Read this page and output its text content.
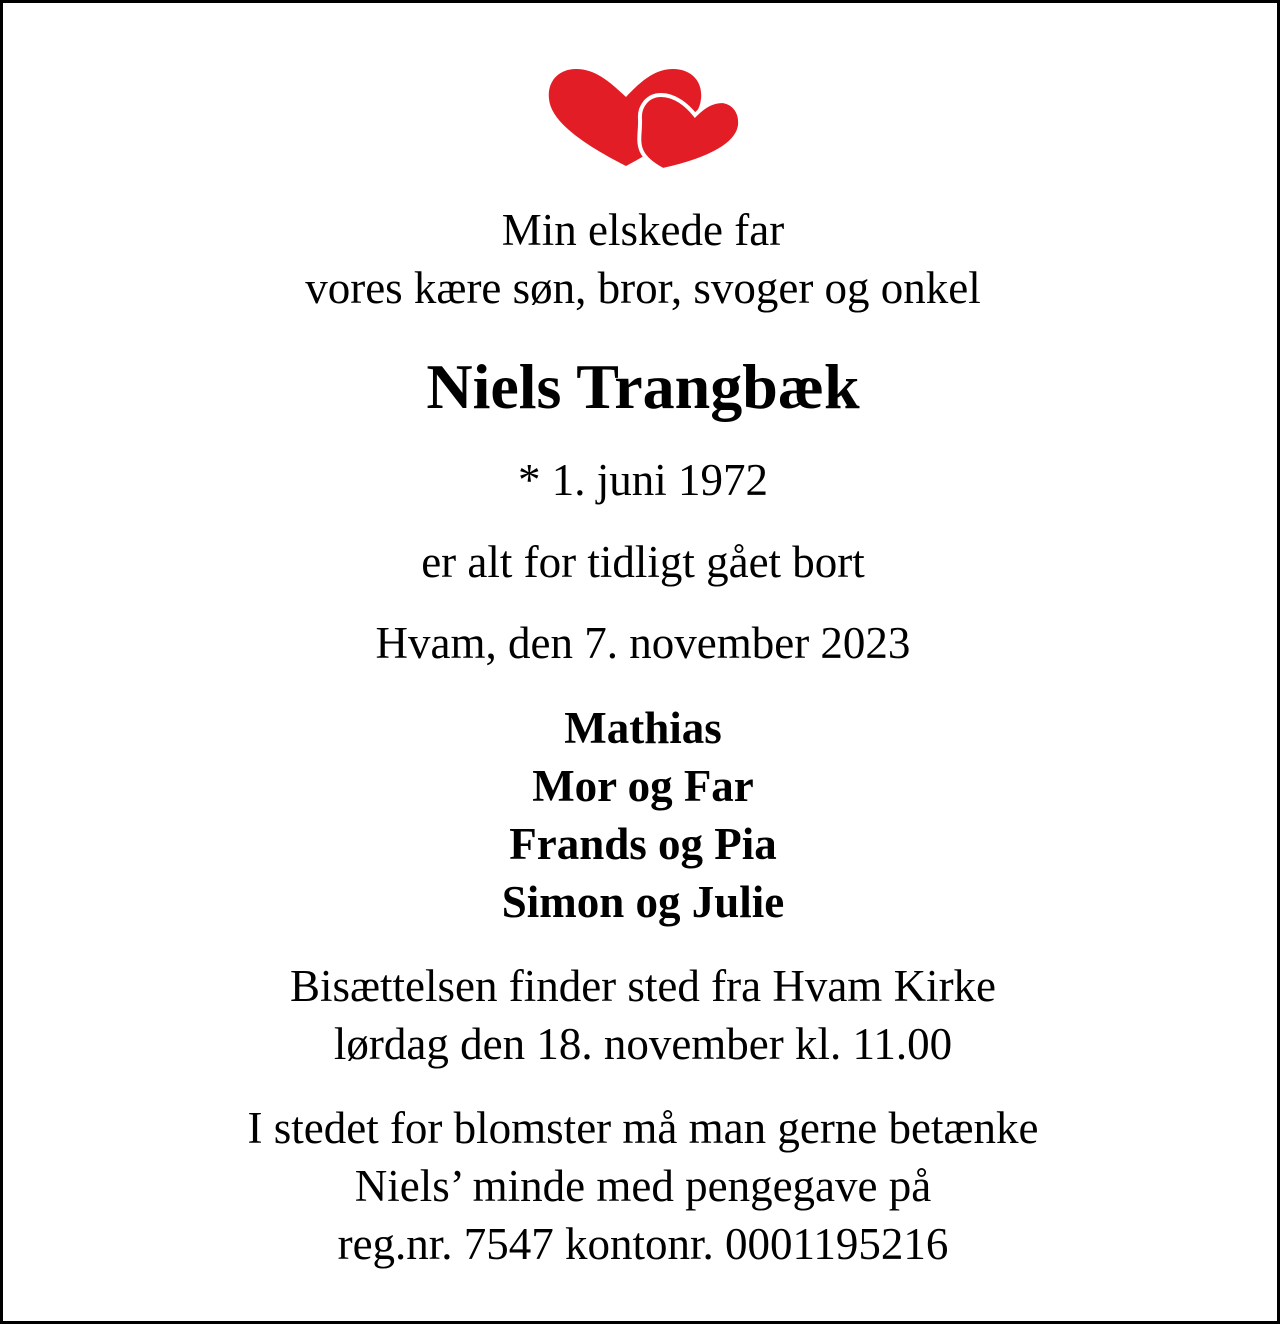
Min elskede far
vores kære søn, bror, svoger og onkel
Niels Trangbæk
* 1. juni 1972
er alt for tidligt gået bort
Hvam, den 7. november 2023
Mathias
Mor og Far
Frands og Pia
Simon og Julie
Bisættelsen finder sted fra Hvam Kirke
lørdag den 18. november kl. 11.00
I stedet for blomster må man gerne betænke
Niels’ minde med pengegave på
reg.nr. 7547 kontonr. 0001195216
